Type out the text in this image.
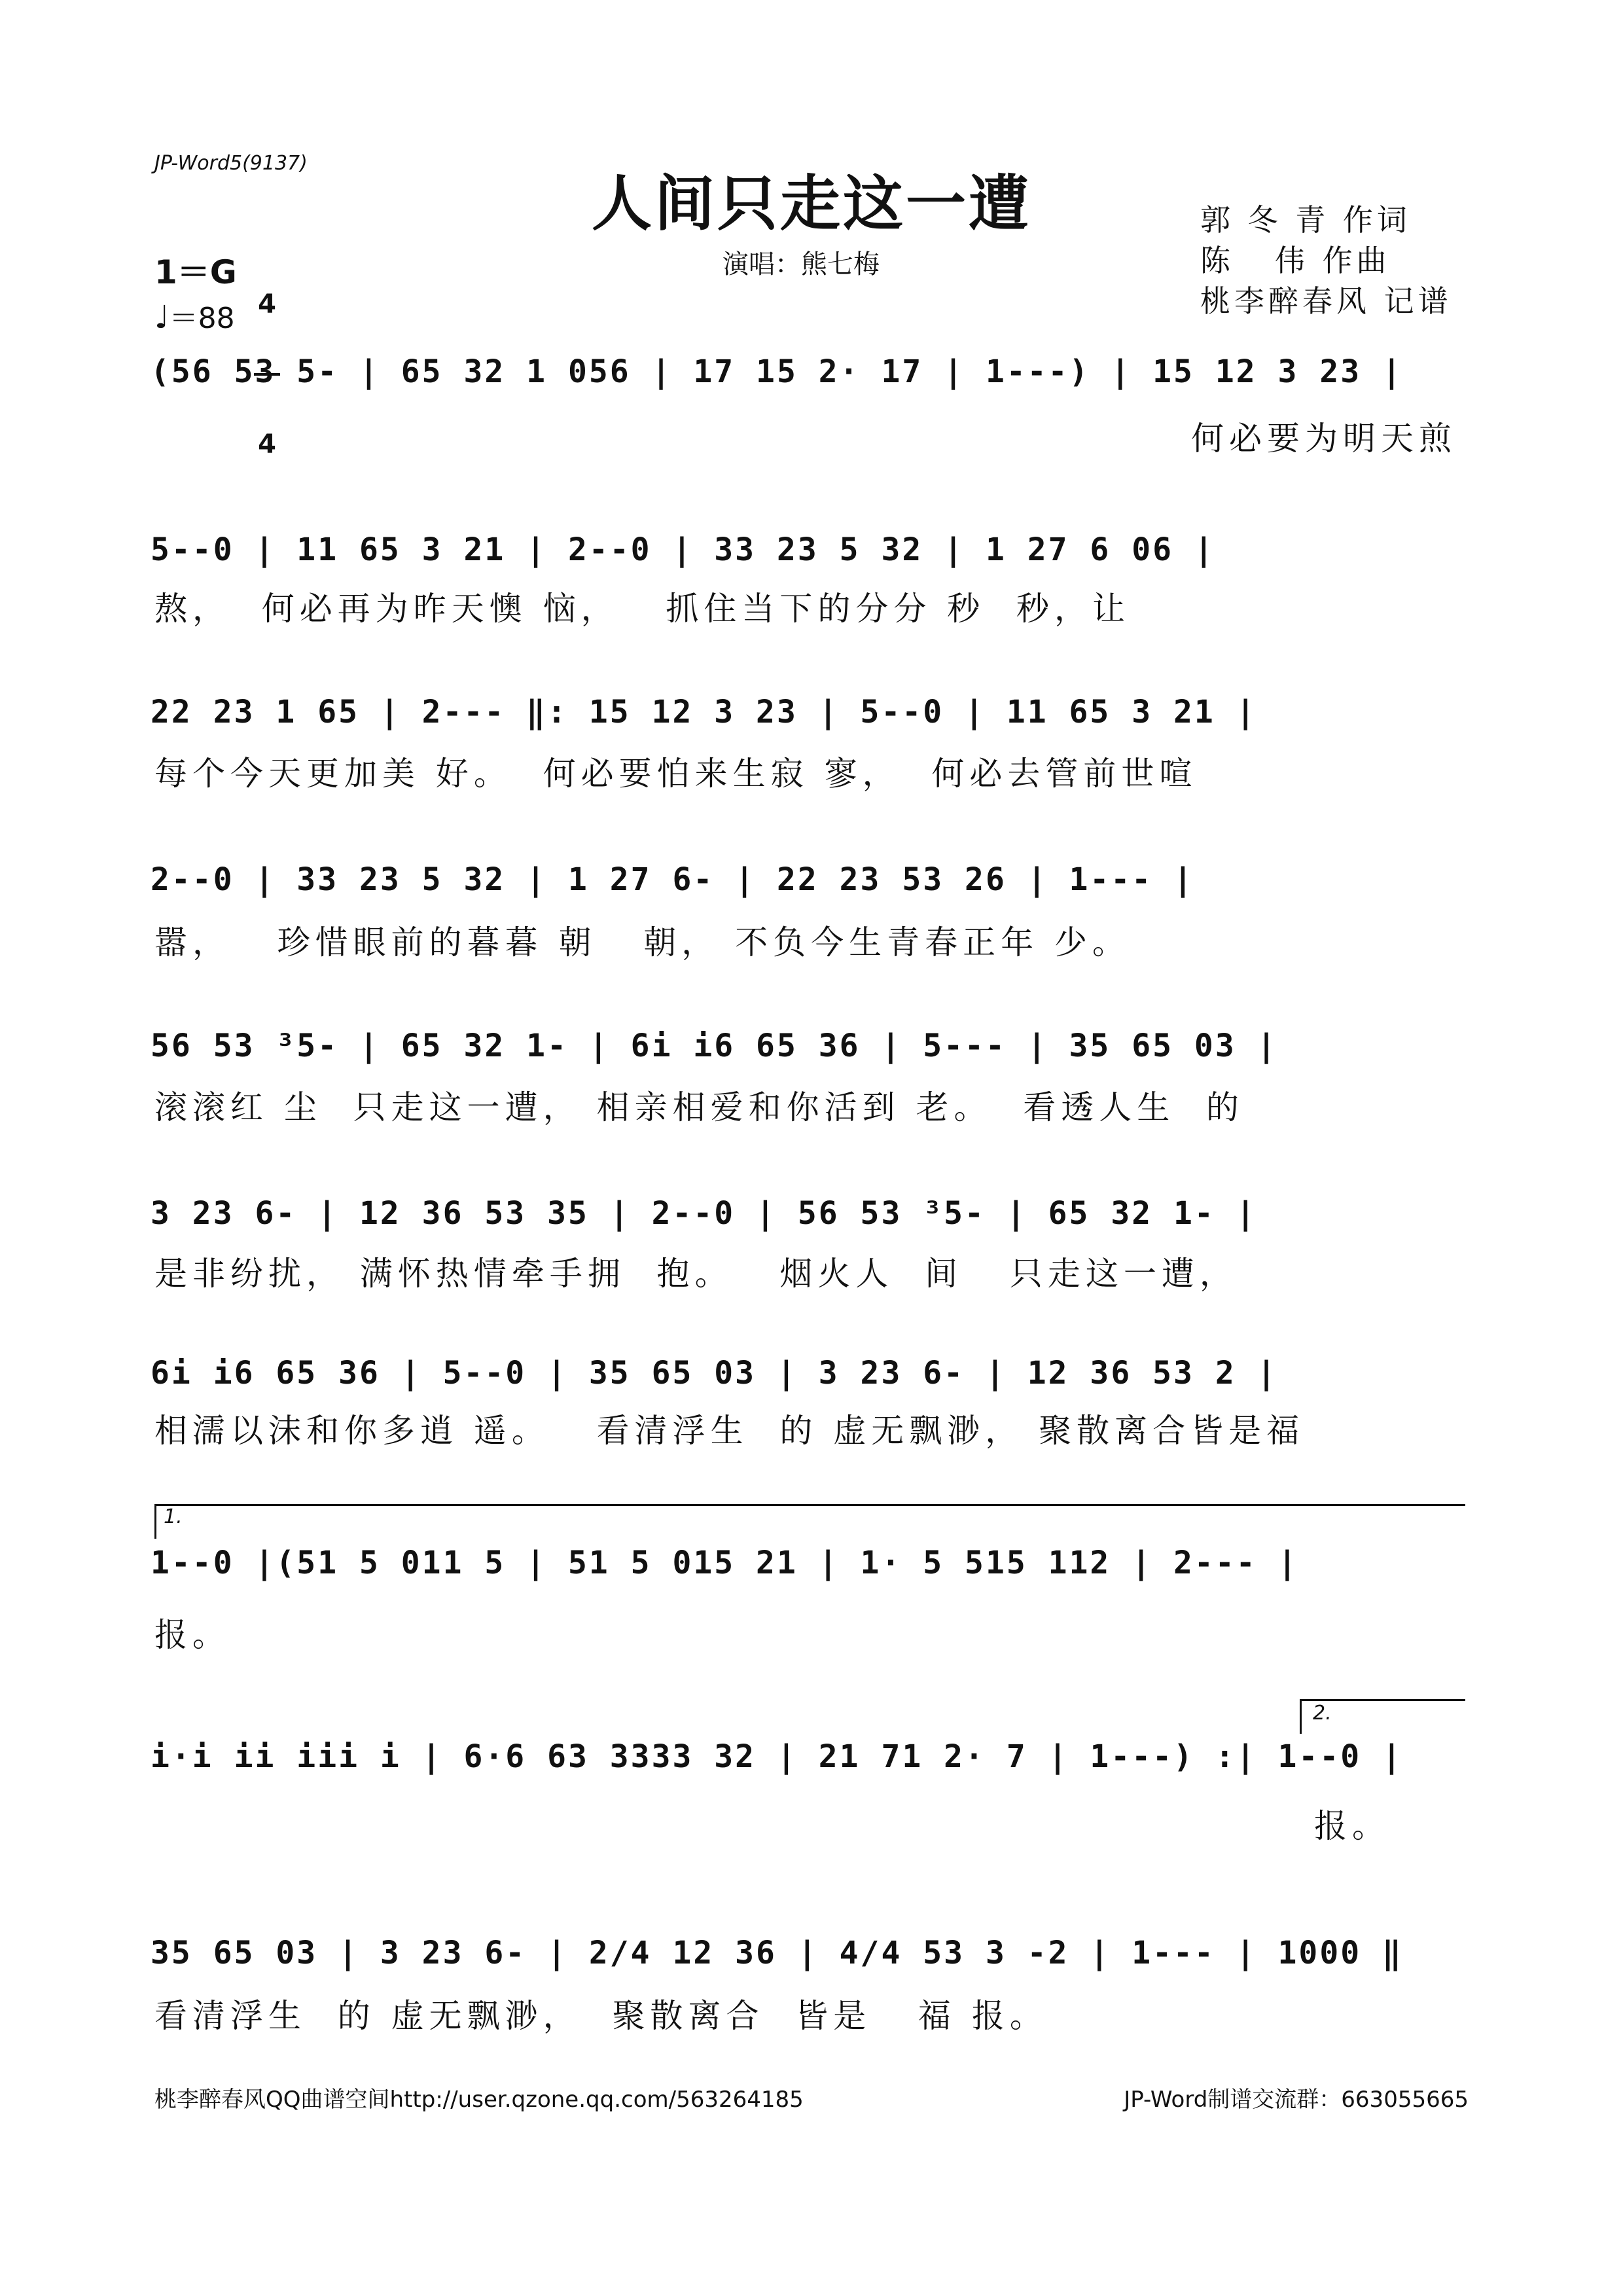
JP-Word5(9137)
人间只走这一遭
演唱：熊七梅
郭 冬 青 作词
陈   伟 作曲
桃李醉春风 记谱
1＝G

4

4

♩＝88
(56 53 5- | 65 32 1 056 | 17 15 2· 17 | 1---) | 15 12 3 23 |
何必要为明天煎
5--0 | 11 65 3 21 | 2--0 | 33 23 5 32 | 1 27 6 06 |
熬，  何必再为昨天懊 恼，   抓住当下的分分 秒  秒，让
22 23 1 65 | 2--- ‖: 15 12 3 23 | 5--0 | 11 65 3 21 |
每个今天更加美 好。  何必要怕来生寂 寥，  何必去管前世喧
2--0 | 33 23 5 32 | 1 27 6- | 22 23 53 26 | 1--- |
嚣，   珍惜眼前的暮暮 朝   朝， 不负今生青春正年 少。
56 53 ³5- | 65 32 1- | 6i i6 65 36 | 5--- | 35 65 03 |
滚滚红 尘  只走这一遭， 相亲相爱和你活到 老。  看透人生  的
3 23 6- | 12 36 53 35 | 2--0 | 56 53 ³5- | 65 32 1- |
是非纷扰， 满怀热情牵手拥  抱。   烟火人  间   只走这一遭，
6i i6 65 36 | 5--0 | 35 65 03 | 3 23 6- | 12 36 53 2 |
相濡以沫和你多逍 遥。   看清浮生  的 虚无飘渺， 聚散离合皆是福
1.
1--0 |(51 5 011 5 | 51 5 015 21 | 1· 5 515 112 | 2--- |
报。
2.
i·i ii iii i | 6·6 63 3333 32 | 21 71 2· 7 | 1---) :| 1--0 |
报。
35 65 03 | 3 23 6- | 2/4 12 36 | 4/4 53 3 -2 | 1--- | 1000 ‖
看清浮生  的 虚无飘渺，  聚散离合  皆是   福 报。
桃李醉春风QQ曲谱空间http://user.qzone.qq.com/563264185	JP-Word制谱交流群：663055665
